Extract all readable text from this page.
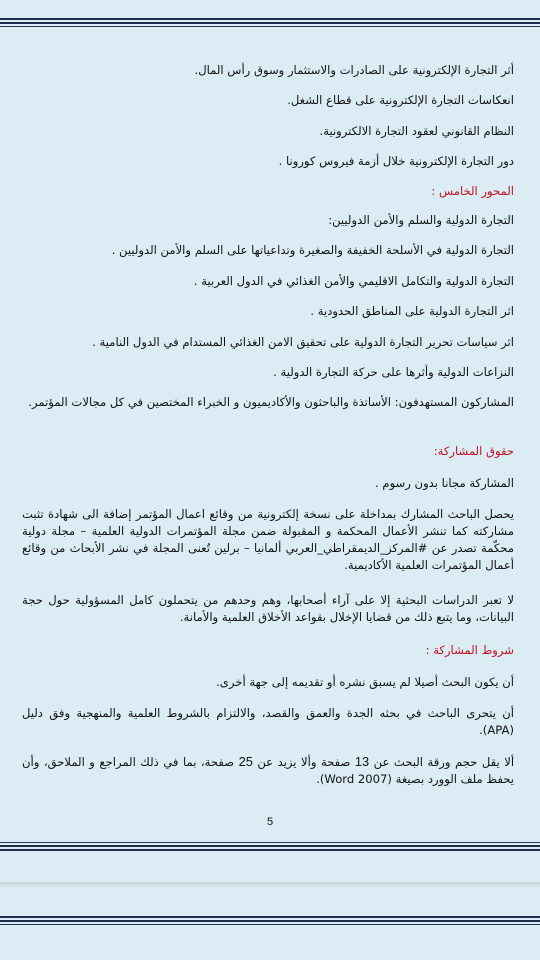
أثر التجارة الإلكترونية على الصادرات والاستثمار وسوق رأس المال.

انعكاسات التجارة الإلكترونية على قطاع الشغل.

النظام القانوني لعقود التجارة الالكترونية.

دور التجارة الإلكترونية خلال أزمة فيروس كورونا .

المحور الخامس :

التجارة الدولية والسلم والأمن الدوليين:

التجارة الدولية في الأسلحة الخفيفة والصغيرة وتداعياتها على السلم والأمن الدوليين .

التجارة الدولية والتكامل الاقليمي والأمن الغذائي في الدول العربية .

اثر التجارة الدولية على المناطق الحدودية .

اثر سياسات تحرير التجارة الدولية على تحقيق الامن الغذائي المستدام في الدول النامية .

النزاعات الدولية وأثرها على حركة التجارة الدولية .

المشاركون المستهدفون: الأساتذة والباحثون والأكاديميون و الخبراء المختصين في كل مجالات المؤتمر.

حقوق المشاركة:

المشاركة مجانا بدون رسوم .

يحصل الباحث المشارك بمداخلة على نسخة إلكترونية من وقائع اعمال المؤتمر إضافة الى شهادة تثبت مشاركته كما تنشر الأعمال المحكمة و المقبولة ضمن مجلة المؤتمرات الدولية العلمية – مجلة دولية محكّمة تصدر عن #المركز_الديمقراطي_العربي ألمانيا – برلين تُعنى المجلة في نشر الأبحاث من وقائع أعمال المؤتمرات العلمية الأكاديمية.

لا تعبر الدراسات البحثية إلا على آراء أصحابها، وهم وحدهم من يتحملون كامل المسؤولية حول حجة البيانات، وما يتبع ذلك من قضايا الإخلال بقواعد الأخلاق العلمية والأمانة.

شروط المشاركة :

أن يكون البحث أصيلا لم يسبق نشره أو تقديمه إلى جهة أخرى.

أن يتحرى الباحث في بحثه الجدة والعمق والقصد، والالتزام بالشروط العلمية والمنهجية وفق دليل (APA).

ألا يقل حجم ورقة البحث عن 13 صفحة وألا يزيد عن 25 صفحة، بما في ذلك المراجع و الملاحق، وأن يحفظ ملف الوورد بصيغة (Word 2007).

5
